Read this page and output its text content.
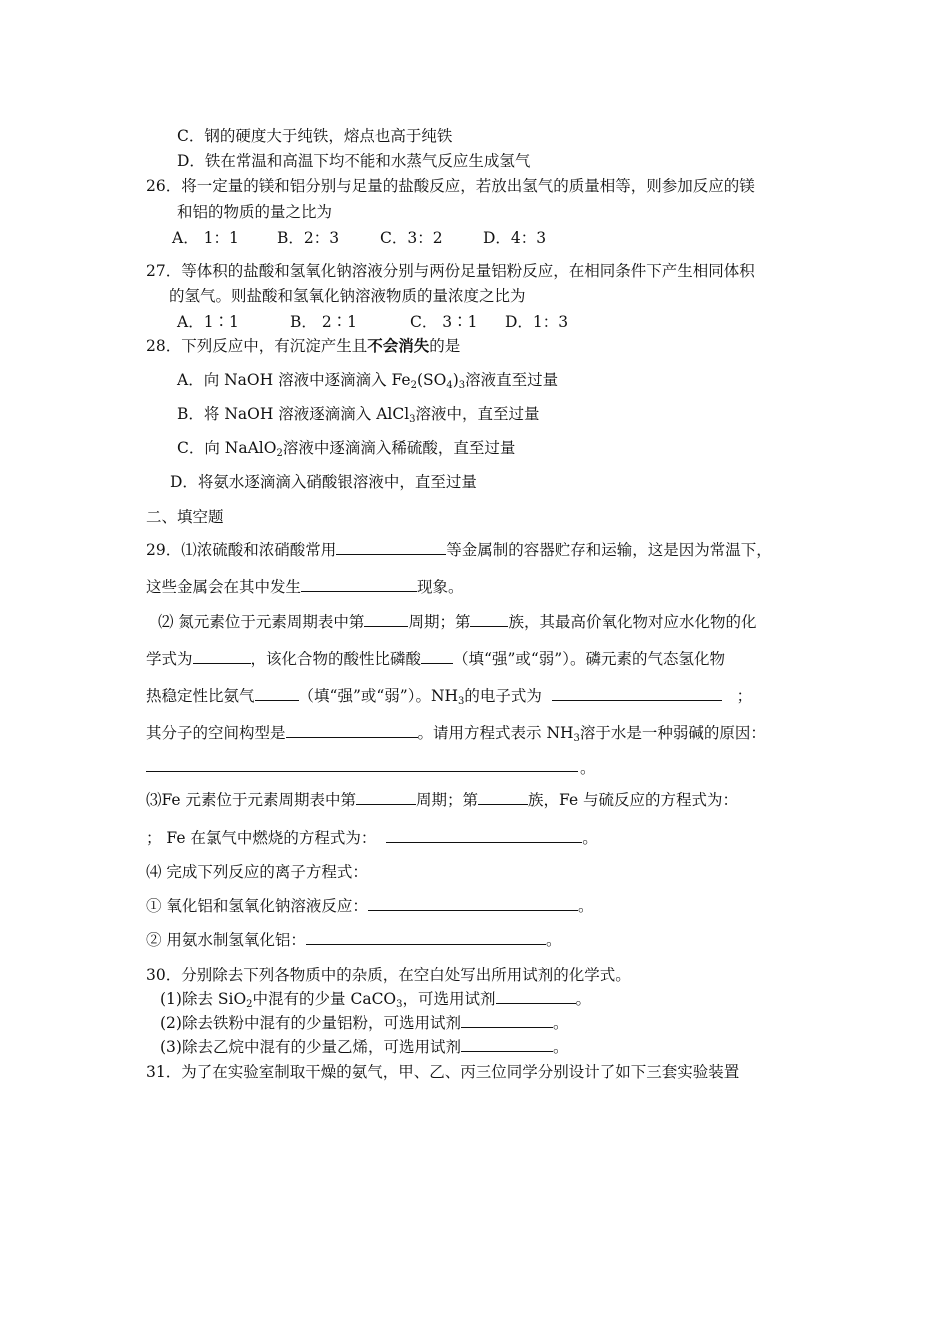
C．钢的硬度大于纯铁，熔点也高于纯铁
D．铁在常温和高温下均不能和水蒸气反应生成氢气
26．将一定量的镁和铝分别与足量的盐酸反应，若放出氢气的质量相等，则参加反应的镁
和铝的物质的量之比为
A． 1：1 B．2：3	C．3：2	D．4：3
27．等体积的盐酸和氢氧化钠溶液分别与两份足量铝粉反应，在相同条件下产生相同体积
的氢气。则盐酸和氢氧化钠溶液物质的量浓度之比为
A．1∶1	B． 2∶1	C． 3∶1 D．1：3
28．下列反应中，有沉淀产生且不会消失的是
A．向 NaOH 溶液中逐滴滴入 $Fe_2(SO_4)_3$溶液直至过量
B．将 NaOH 溶液逐滴滴入 AlCl$_3$溶液中，直至过量
C．向 NaAlO$_2$溶液中逐滴滴入稀硫酸，直至过量
D．将氨水逐滴滴入硝酸银溶液中，直至过量
二、填空题
29．⑴浓硫酸和浓硝酸常用	等金属制的容器贮存和运输，这是因为常温下，
这些金属会在其中发生	现象。
⑵ 氮元素位于元素周期表中第	周期；第 族，其最高价氧化物对应水化物的化
学式为	，该化合物的酸性比磷酸 （填“强”或“弱”）。磷元素的气态氢化物
热稳定性比氨气	（填“强”或“弱”）。$NH_3$的电子式为	；
其分子的空间构型是	。请用方程式表示 $NH_3$溶于水是一种弱碱的原因：
。
⑶Fe 元素位于元素周期表中第	周期；第	族，Fe 与硫反应的方程式为：
； Fe 在氯气中燃烧的方程式为：	。
⑷ 完成下列反应的离子方程式：
① 氧化铝和氢氧化钠溶液反应：	。
② 用氨水制氢氧化铝：	。
30．分别除去下列各物质中的杂质，在空白处写出所用试剂的化学式。
(1)除去 SiO$_2$中混有的少量 CaCO$_3$，可选用试剂	。
(2)除去铁粉中混有的少量铝粉，可选用试剂	。
(3)除去乙烷中混有的少量乙烯，可选用试剂	。
31．为了在实验室制取干燥的氨气，甲、乙、丙三位同学分别设计了如下三套实验装置
